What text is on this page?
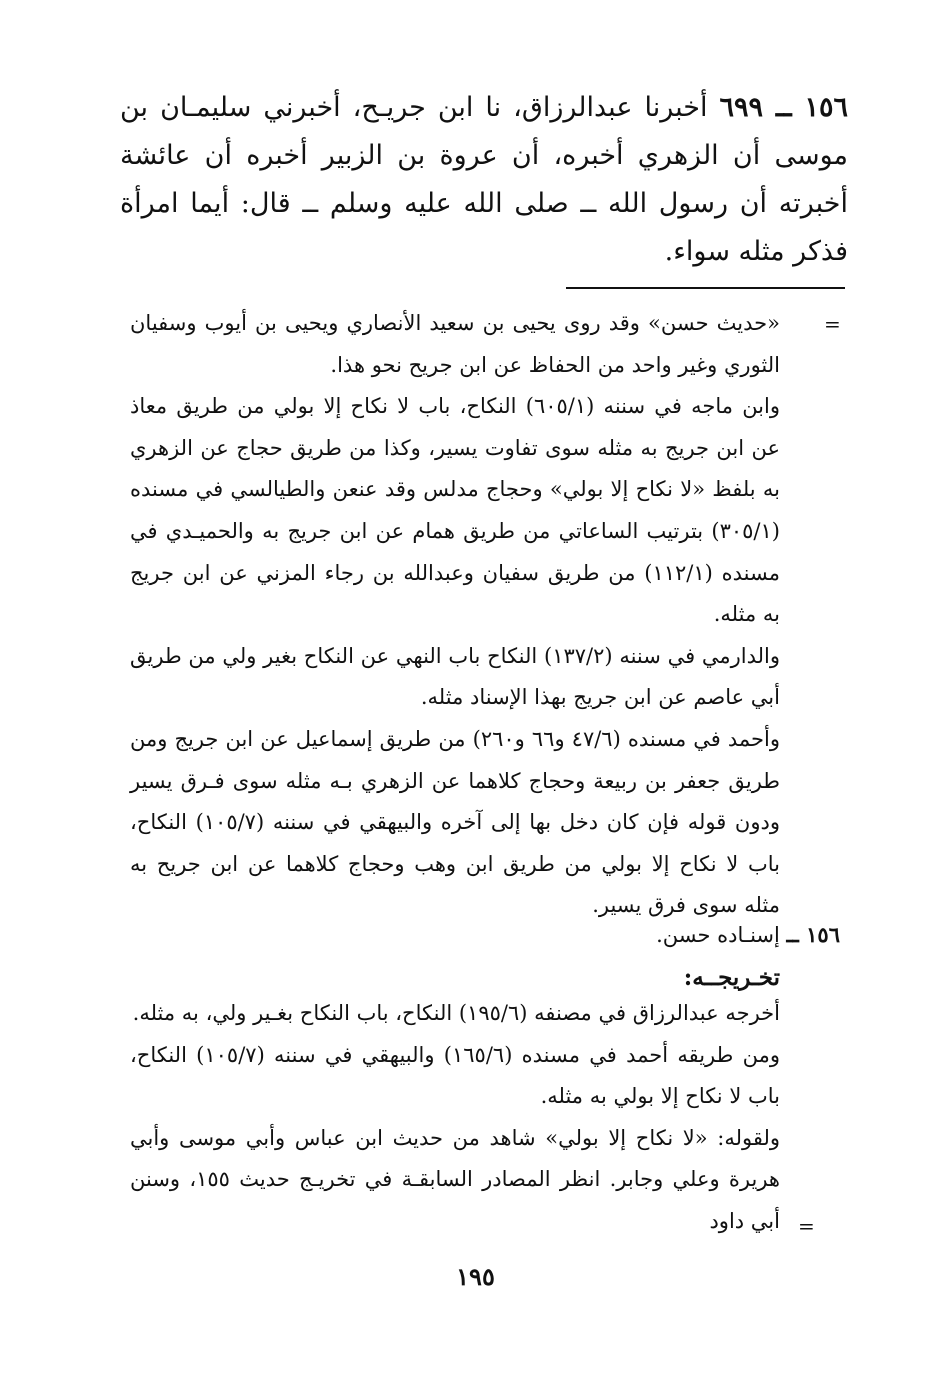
١٥٦ ــ ٦٩٩ أخبرنا عبدالرزاق، نا ابن جريـح، أخبرني سليمـان بن موسى أن الزهري أخبره، أن عروة بن الزبير أخبره أن عائشة أخبرته أن رسول الله ــ صلى الله عليه وسلم ــ قال: أيما امرأة فذكر مثله سواء.
=

«حديث حسن» وقد روى يحيى بن سعيد الأنصاري ويحيى بن أيوب وسفيان الثوري وغير واحد من الحفاظ عن ابن جريح نحو هذا.

وابن ماجه في سننه (٦٠٥/١) النكاح، باب لا نكاح إلا بولي من طريق معاذ عن ابن جريج به مثله سوى تفاوت يسير، وكذا من طريق حجاج عن الزهري به بلفظ «لا نكاح إلا بولي» وحجاج مدلس وقد عنعن والطيالسي في مسنده (٣٠٥/١) بترتيب الساعاتي من طريق همام عن ابن جريج به والحميـدي في مسنده (١١٢/١) من طريق سفيان وعبدالله بن رجاء المزني عن ابن جريج به مثله.

والدارمي في سننه (١٣٧/٢) النكاح باب النهي عن النكاح بغير ولي من طريق أبي عاصم عن ابن جريج بهذا الإسناد مثله.

وأحمد في مسنده (٤٧/٦ و٦٦ و٢٦٠) من طريق إسماعيل عن ابن جريج ومن طريق جعفر بن ربيعة وحجاج كلاهما عن الزهري بـه مثله سوى فـرق يسير ودون قوله فإن كان دخل بها إلى آخره والبيهقي في سننه (١٠٥/٧) النكاح، باب لا نكاح إلا بولي من طريق ابن وهب وحجاج كلاهما عن ابن جريح به مثله سوى فرق يسير.

١٥٦ ــ إسنـاده حسن.
تخـريجــه:

أخرجه عبدالرزاق في مصنفه (١٩٥/٦) النكاح، باب النكاح بغـير ولي، به مثله.

ومن طريقه أحمد في مسنده (١٦٥/٦) والبيهقي في سننه (١٠٥/٧) النكاح، باب لا نكاح إلا بولي به مثله.

ولقوله: «لا نكاح إلا بولي» شاهد من حديث ابن عباس وأبي موسى وأبي هريرة وعلي وجابر. انظر المصادر السابقـة في تخريـج حديث ١٥٥، وسنن أبي داود =
١٩٥
